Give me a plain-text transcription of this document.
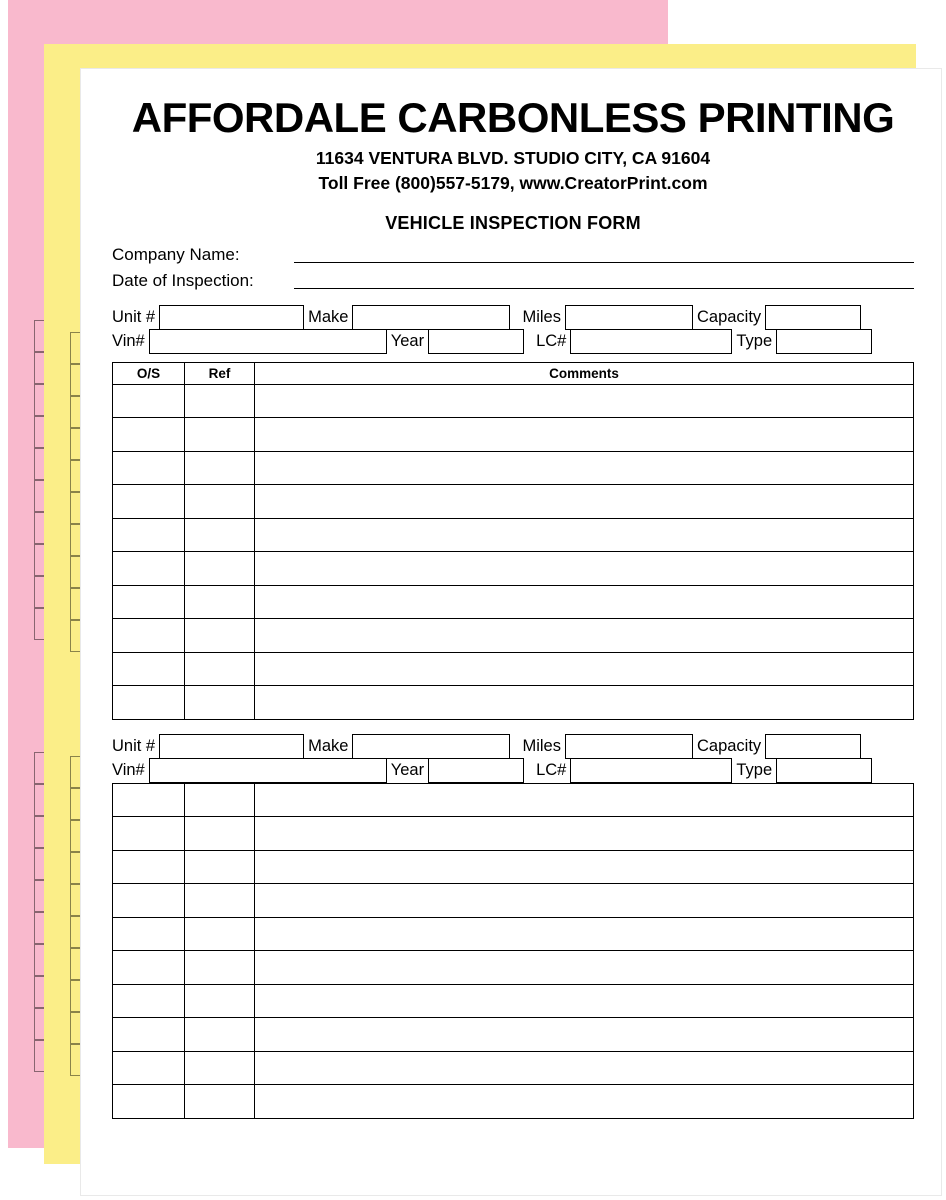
AFFORDALE CARBONLESS PRINTING
11634 VENTURA BLVD. STUDIO CITY, CA 91604
Toll Free (800)557-5179, www.CreatorPrint.com
VEHICLE INSPECTION FORM
Company Name:
Date of Inspection:
Unit #	Make	Miles	Capacity
Vin#	Year	LC#	Type
O/S	Ref	Comments
Unit #	Make	Miles	Capacity
Vin#	Year	LC#	Type
